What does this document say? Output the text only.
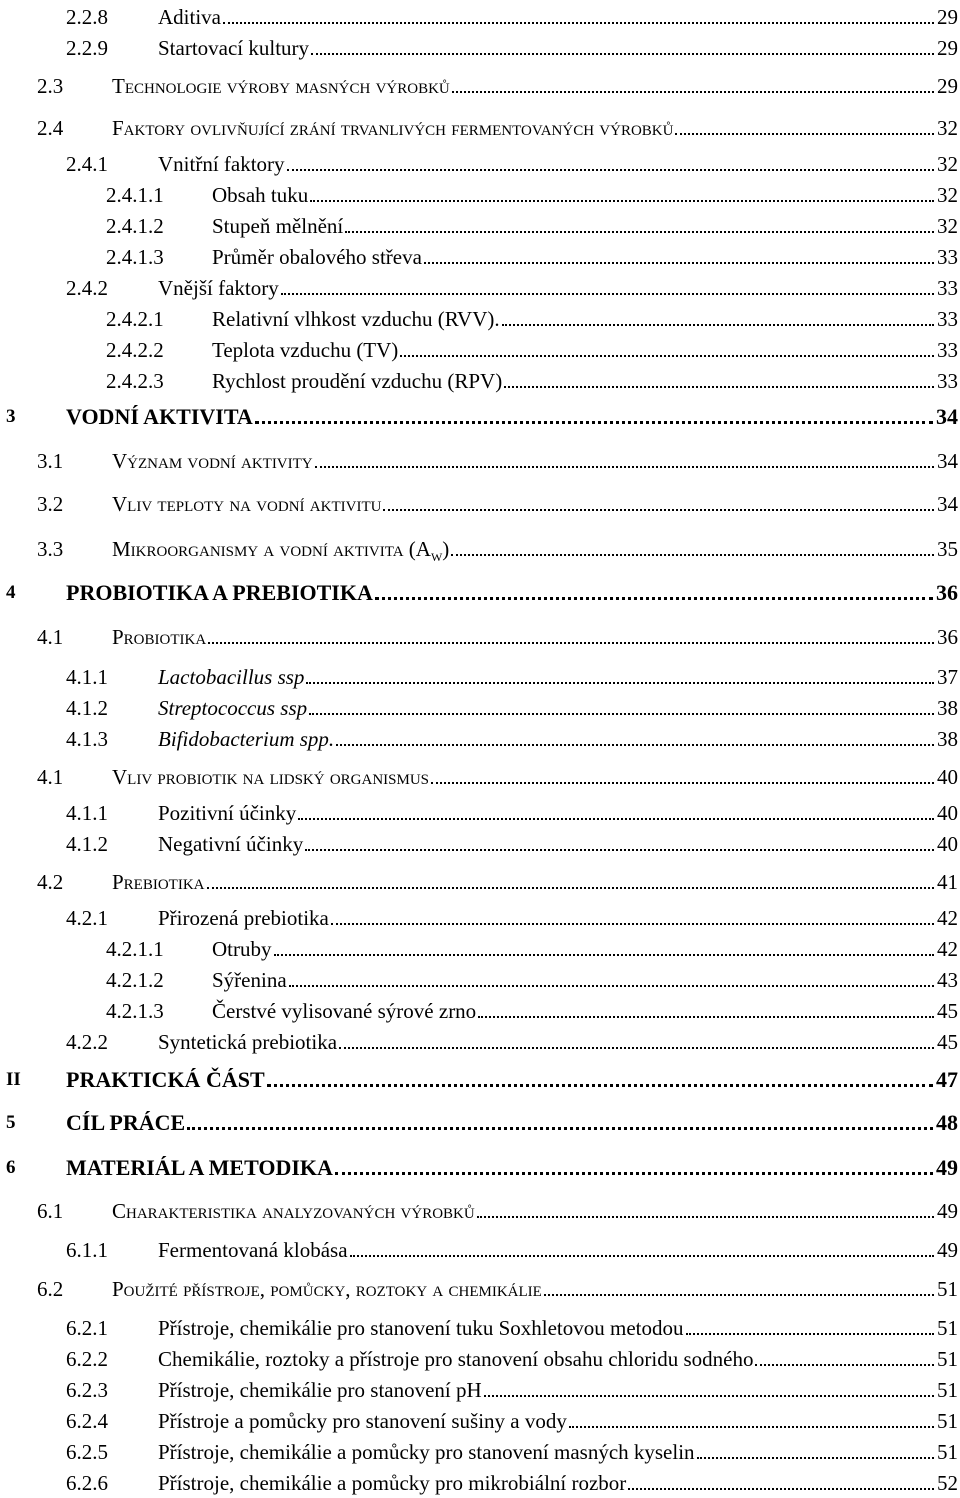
2.2.8 Aditiva	29
2.2.9 Startovací kultury	29
2.3 Technologie výroby masných výrobků	29
2.4 Faktory ovlivňující zrání trvanlivých fermentovaných výrobků	32
2.4.1 Vnitřní faktory	32
2.4.1.1 Obsah tuku	32
2.4.1.2 Stupeň mělnění	32
2.4.1.3 Průměr obalového střeva	33
2.4.2 Vnější faktory	33
2.4.2.1 Relativní vlhkost vzduchu (RVV).	33
2.4.2.2 Teplota vzduchu (TV)	33
2.4.2.3 Rychlost proudění vzduchu (RPV)	33
3 VODNÍ AKTIVITA	34
3.1 Význam vodní aktivity	34
3.2 Vliv teploty na vodní aktivitu	34
3.3 Mikroorganismy a vodní aktivita $(A_W)$	35
4 PROBIOTIKA A PREBIOTIKA	36
4.1 Probiotika	36
4.1.1 Lactobacillus ssp	37
4.1.2 Streptococcus ssp	38
4.1.3 Bifidobacterium spp.	38
4.1 Vliv probiotik na lidský organismus	40
4.1.1 Pozitivní účinky	40
4.1.2 Negativní účinky	40
4.2 Prebiotika	41
4.2.1 Přirozená prebiotika	42
4.2.1.1 Otruby	42
4.2.1.2 Sýřenina	43
4.2.1.3 Čerstvé vylisované sýrové zrno	45
4.2.2 Syntetická prebiotika	45
II PRAKTICKÁ ČÁST	47
5 CÍL PRÁCE	48
6 MATERIÁL A METODIKA	49
6.1 Charakteristika analyzovaných výrobků	49
6.1.1 Fermentovaná klobása	49
6.2 Použité přístroje, pomůcky, roztoky a chemikálie	51
6.2.1 Přístroje, chemikálie pro stanovení tuku Soxhletovou metodou	51
6.2.2 Chemikálie, roztoky a přístroje pro stanovení obsahu chloridu sodného	51
6.2.3 Přístroje, chemikálie pro stanovení pH	51
6.2.4 Přístroje a pomůcky pro stanovení sušiny a vody	51
6.2.5 Přístroje, chemikálie a pomůcky pro stanovení masných kyselin	51
6.2.6 Přístroje, chemikálie a pomůcky pro mikrobiální rozbor	52
